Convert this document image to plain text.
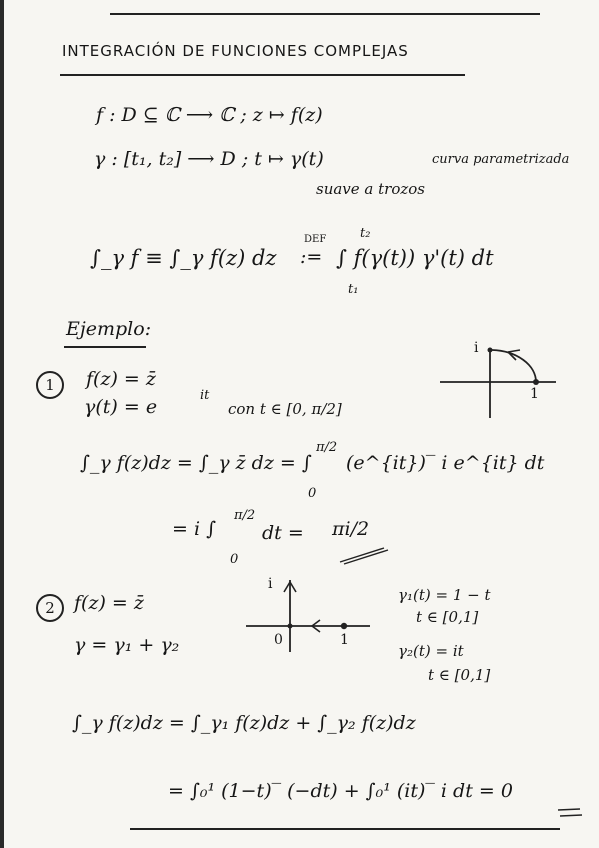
INTEGRACIÓN DE FUNCIONES COMPLEJAS
f : D ⊆ ℂ ⟶ ℂ ; z ↦ f(z)
γ : [t₁, t₂] ⟶ D ; t ↦ γ(t)	curva parametrizada
suave a trozos
∫_γ f ≡ ∫_γ f(z) dz
DEF
:=
t₂
t₁
∫ f(γ(t)) γ'(t) dt
Ejemplo:
1	f(z) = z̄
γ(t) = e
it
con t ∈ [0, π/2]
i
1
∫_γ f(z)dz = ∫_γ z̄ dz = ∫
π/2
0
(e^{it})‾ i e^{it} dt
= i ∫
π/2
0
dt = πi/2
2	f(z) = z̄
γ = γ₁ + γ₂
i
0	1
γ₁(t) = 1 − t
t ∈ [0,1]
γ₂(t) = it
t ∈ [0,1]
∫_γ f(z)dz = ∫_γ₁ f(z)dz + ∫_γ₂ f(z)dz
= ∫₀¹ (1−t)‾ (−dt) + ∫₀¹ (it)‾ i dt = 0
